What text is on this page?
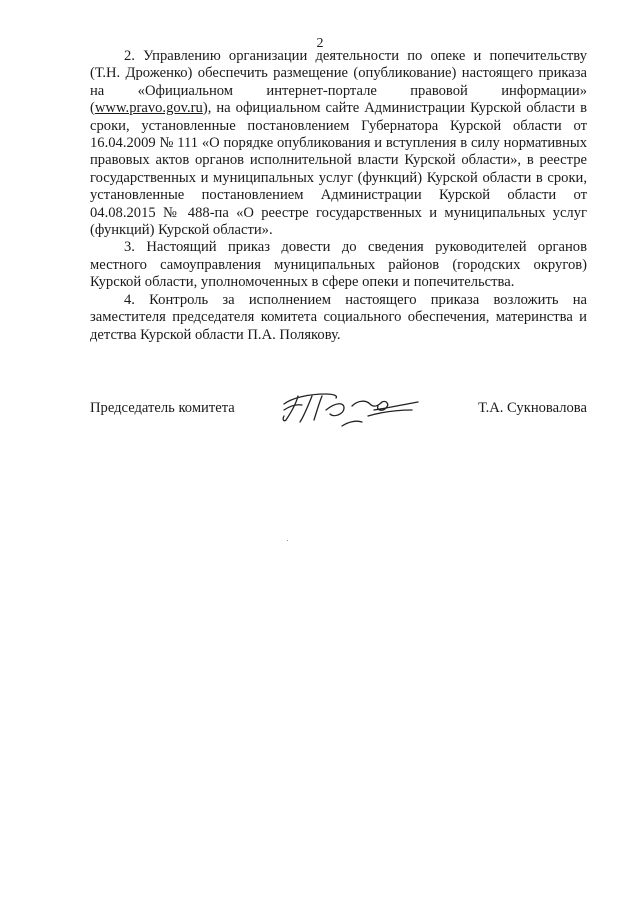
2

2. Управлению организации деятельности по опеке и попечительству (Т.Н. Дроженко) обеспечить размещение (опубликование) настоящего приказа на «Официальном интернет-портале правовой информации» (www.pravo.gov.ru), на официальном сайте Администрации Курской области в сроки, установленные постановлением Губернатора Курской области от 16.04.2009 № 111 «О порядке опубликования и вступления в силу нормативных правовых актов органов исполнительной власти Курской области», в реестре государственных и муниципальных услуг (функций) Курской области в сроки, установленные постановлением Администрации Курской области от 04.08.2015 № 488-па «О реестре государственных и муниципальных услуг (функций) Курской области».

3. Настоящий приказ довести до сведения руководителей органов местного самоуправления муниципальных районов (городских округов) Курской области, уполномоченных в сфере опеки и попечительства.

4. Контроль за исполнением настоящего приказа возложить на заместителя председателя комитета социального обеспечения, материнства и детства Курской области П.А. Полякову.

Председатель комитета	Т.А. Сукновалова
